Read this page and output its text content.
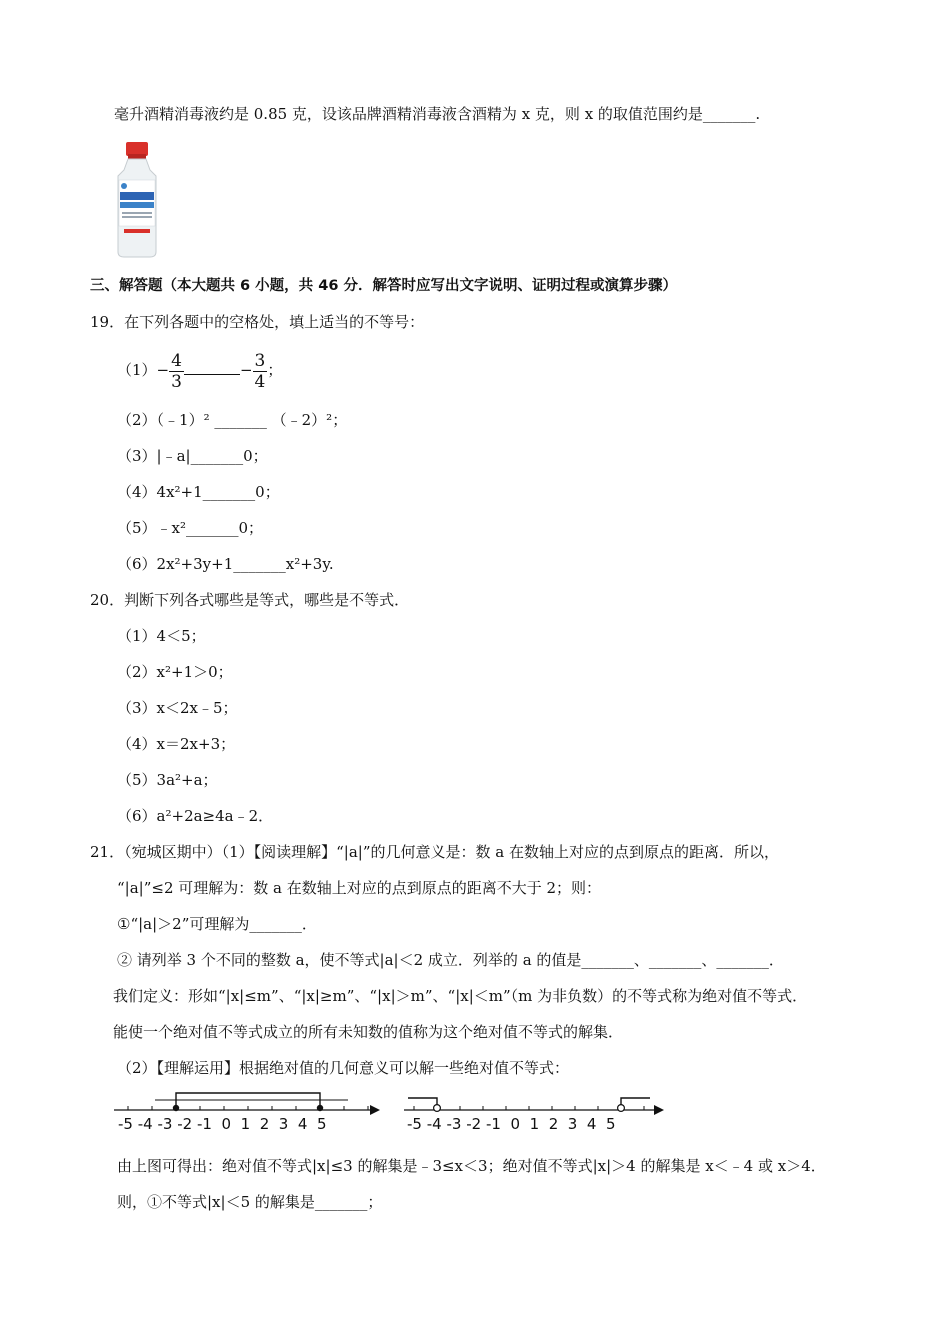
毫升酒精消毒液约是 0.85 克，设该品牌酒精消毒液含酒精为 x 克，则 x 的取值范围约是_______.
三、解答题（本大题共 6 小题，共 46 分．解答时应写出文字说明、证明过程或演算步骤）
19．在下列各题中的空格处，填上适当的不等号：
$(1)- \frac{4}{3}$	− $\frac{3}{4}$ ；
（2）（﹣1）² _______ （﹣2）²；
（3）|﹣a|_______0；
（4）4x²+1_______0；
（5）﹣x²_______0；
（6）2x²+3y+1_______x²+3y.
20．判断下列各式哪些是等式，哪些是不等式．
（1）4＜5；
（2）x²+1＞0；
（3）x＜2x﹣5；
（4）x＝2x+3；
（5）3a²+a；
（6）a²+2a≥4a﹣2．
21．（宛城区期中）（1）【阅读理解】“|a|”的几何意义是：数 a 在数轴上对应的点到原点的距离．所以，
“|a|”≤2 可理解为：数 a 在数轴上对应的点到原点的距离不大于 2；则：
①“|a|＞2”可理解为_______．
② 请列举 3 个不同的整数 a，使不等式|a|＜2 成立．列举的 a 的值是_______、_______、_______．
我们定义：形如“|x|≤m”、“|x|≥m”、“|x|＞m”、“|x|＜m”（m 为非负数）的不等式称为绝对值不等式．
能使一个绝对值不等式成立的所有未知数的值称为这个绝对值不等式的解集．
（2）【理解运用】根据绝对值的几何意义可以解一些绝对值不等式：
-5 -4 -3 -2 -1 0 1 2 3 4 5	-5 -4 -3 -2 -1 0 1 2 3 4 5
由上图可得出：绝对值不等式|x|≤3 的解集是﹣3≤x＜3；绝对值不等式|x|＞4 的解集是 x＜﹣4 或 x＞4．
则，①不等式|x|＜5 的解集是_______；
